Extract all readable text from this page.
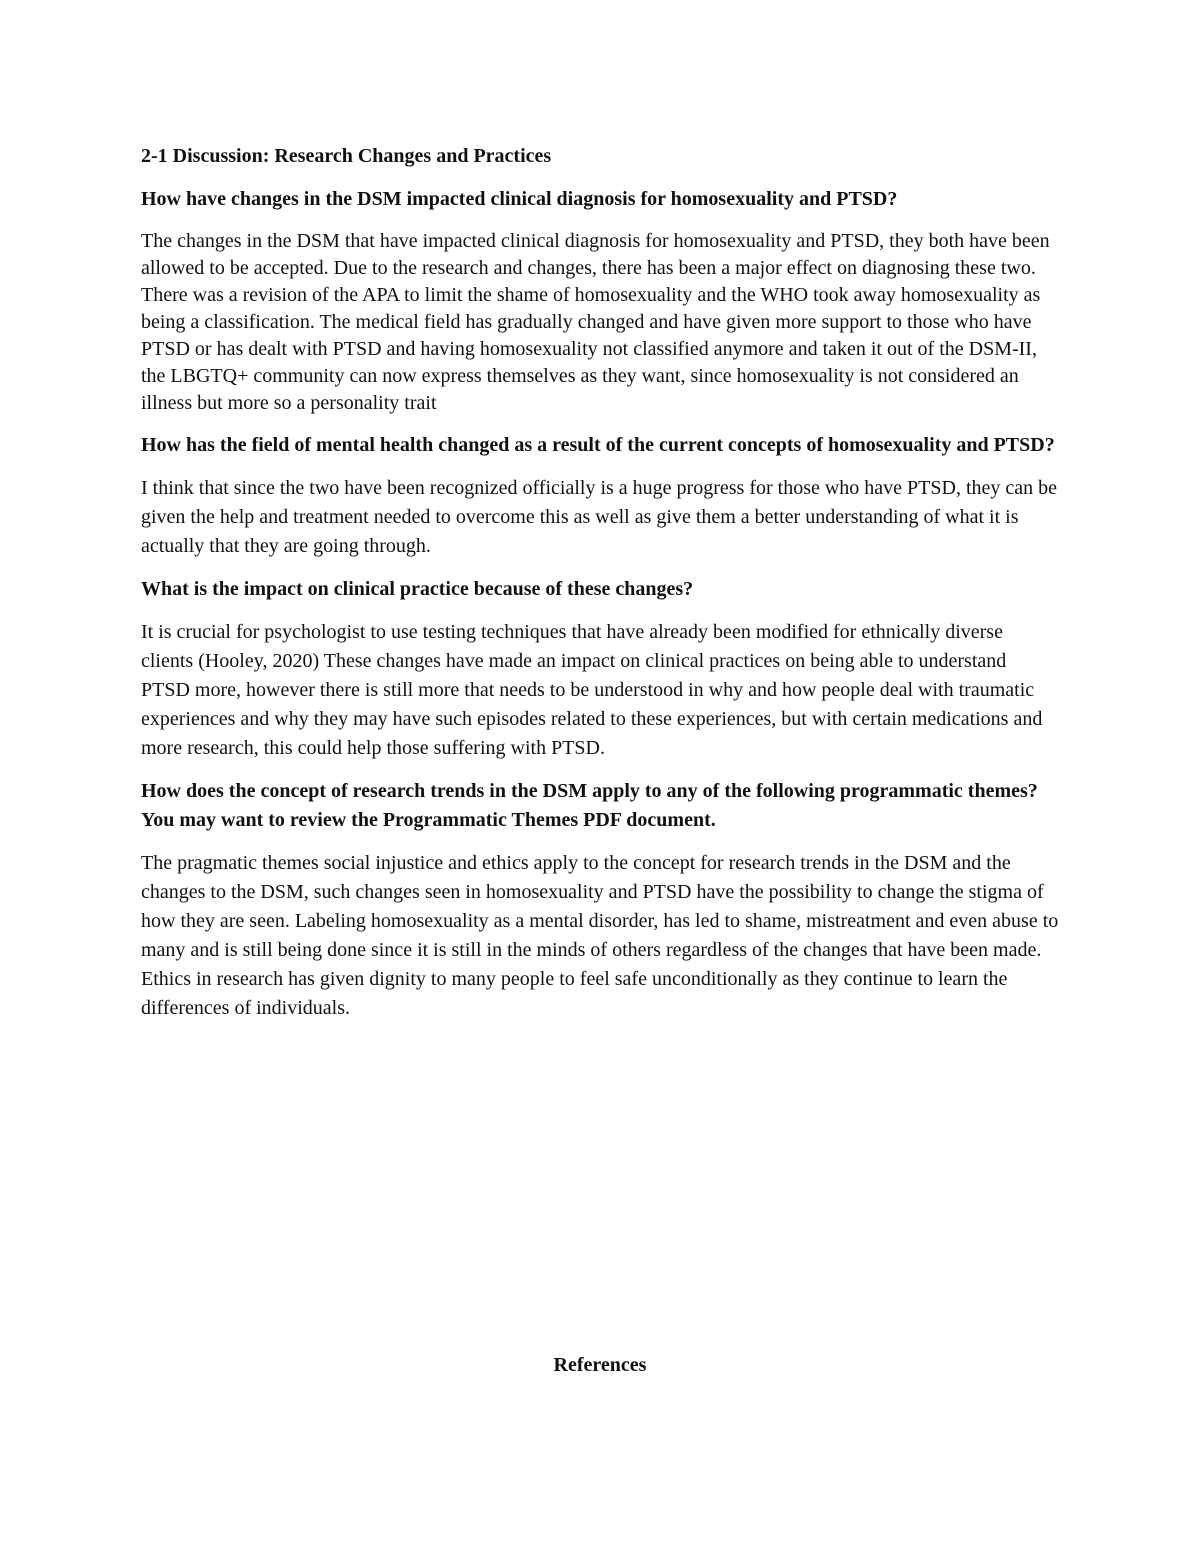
2-1 Discussion: Research Changes and Practices
How have changes in the DSM impacted clinical diagnosis for homosexuality and PTSD?
The changes in the DSM that have impacted clinical diagnosis for homosexuality and PTSD, they both have been allowed to be accepted. Due to the research and changes, there has been a major effect on diagnosing these two. There was a revision of the APA to limit the shame of homosexuality and the WHO took away homosexuality as being a classification. The medical field has gradually changed and have given more support to those who have PTSD or has dealt with PTSD and having homosexuality not classified anymore and taken it out of the DSM-II, the LBGTQ+ community can now express themselves as they want, since homosexuality is not considered an illness but more so a personality trait
How has the field of mental health changed as a result of the current concepts of homosexuality and PTSD?
I think that since the two have been recognized officially is a huge progress for those who have PTSD, they can be given the help and treatment needed to overcome this as well as give them a better understanding of what it is actually that they are going through.
What is the impact on clinical practice because of these changes?
It is crucial for psychologist to use testing techniques that have already been modified for ethnically diverse clients (Hooley, 2020) These changes have made an impact on clinical practices on being able to understand PTSD more, however there is still more that needs to be understood in why and how people deal with traumatic experiences and why they may have such episodes related to these experiences, but with certain medications and more research, this could help those suffering with PTSD.
How does the concept of research trends in the DSM apply to any of the following programmatic themes? You may want to review the Programmatic Themes PDF document.
The pragmatic themes social injustice and ethics apply to the concept for research trends in the DSM and the changes to the DSM, such changes seen in homosexuality and PTSD have the possibility to change the stigma of how they are seen. Labeling homosexuality as a mental disorder, has led to shame, mistreatment and even abuse to many and is still being done since it is still in the minds of others regardless of the changes that have been made. Ethics in research has given dignity to many people to feel safe unconditionally as they continue to learn the differences of individuals.
References
